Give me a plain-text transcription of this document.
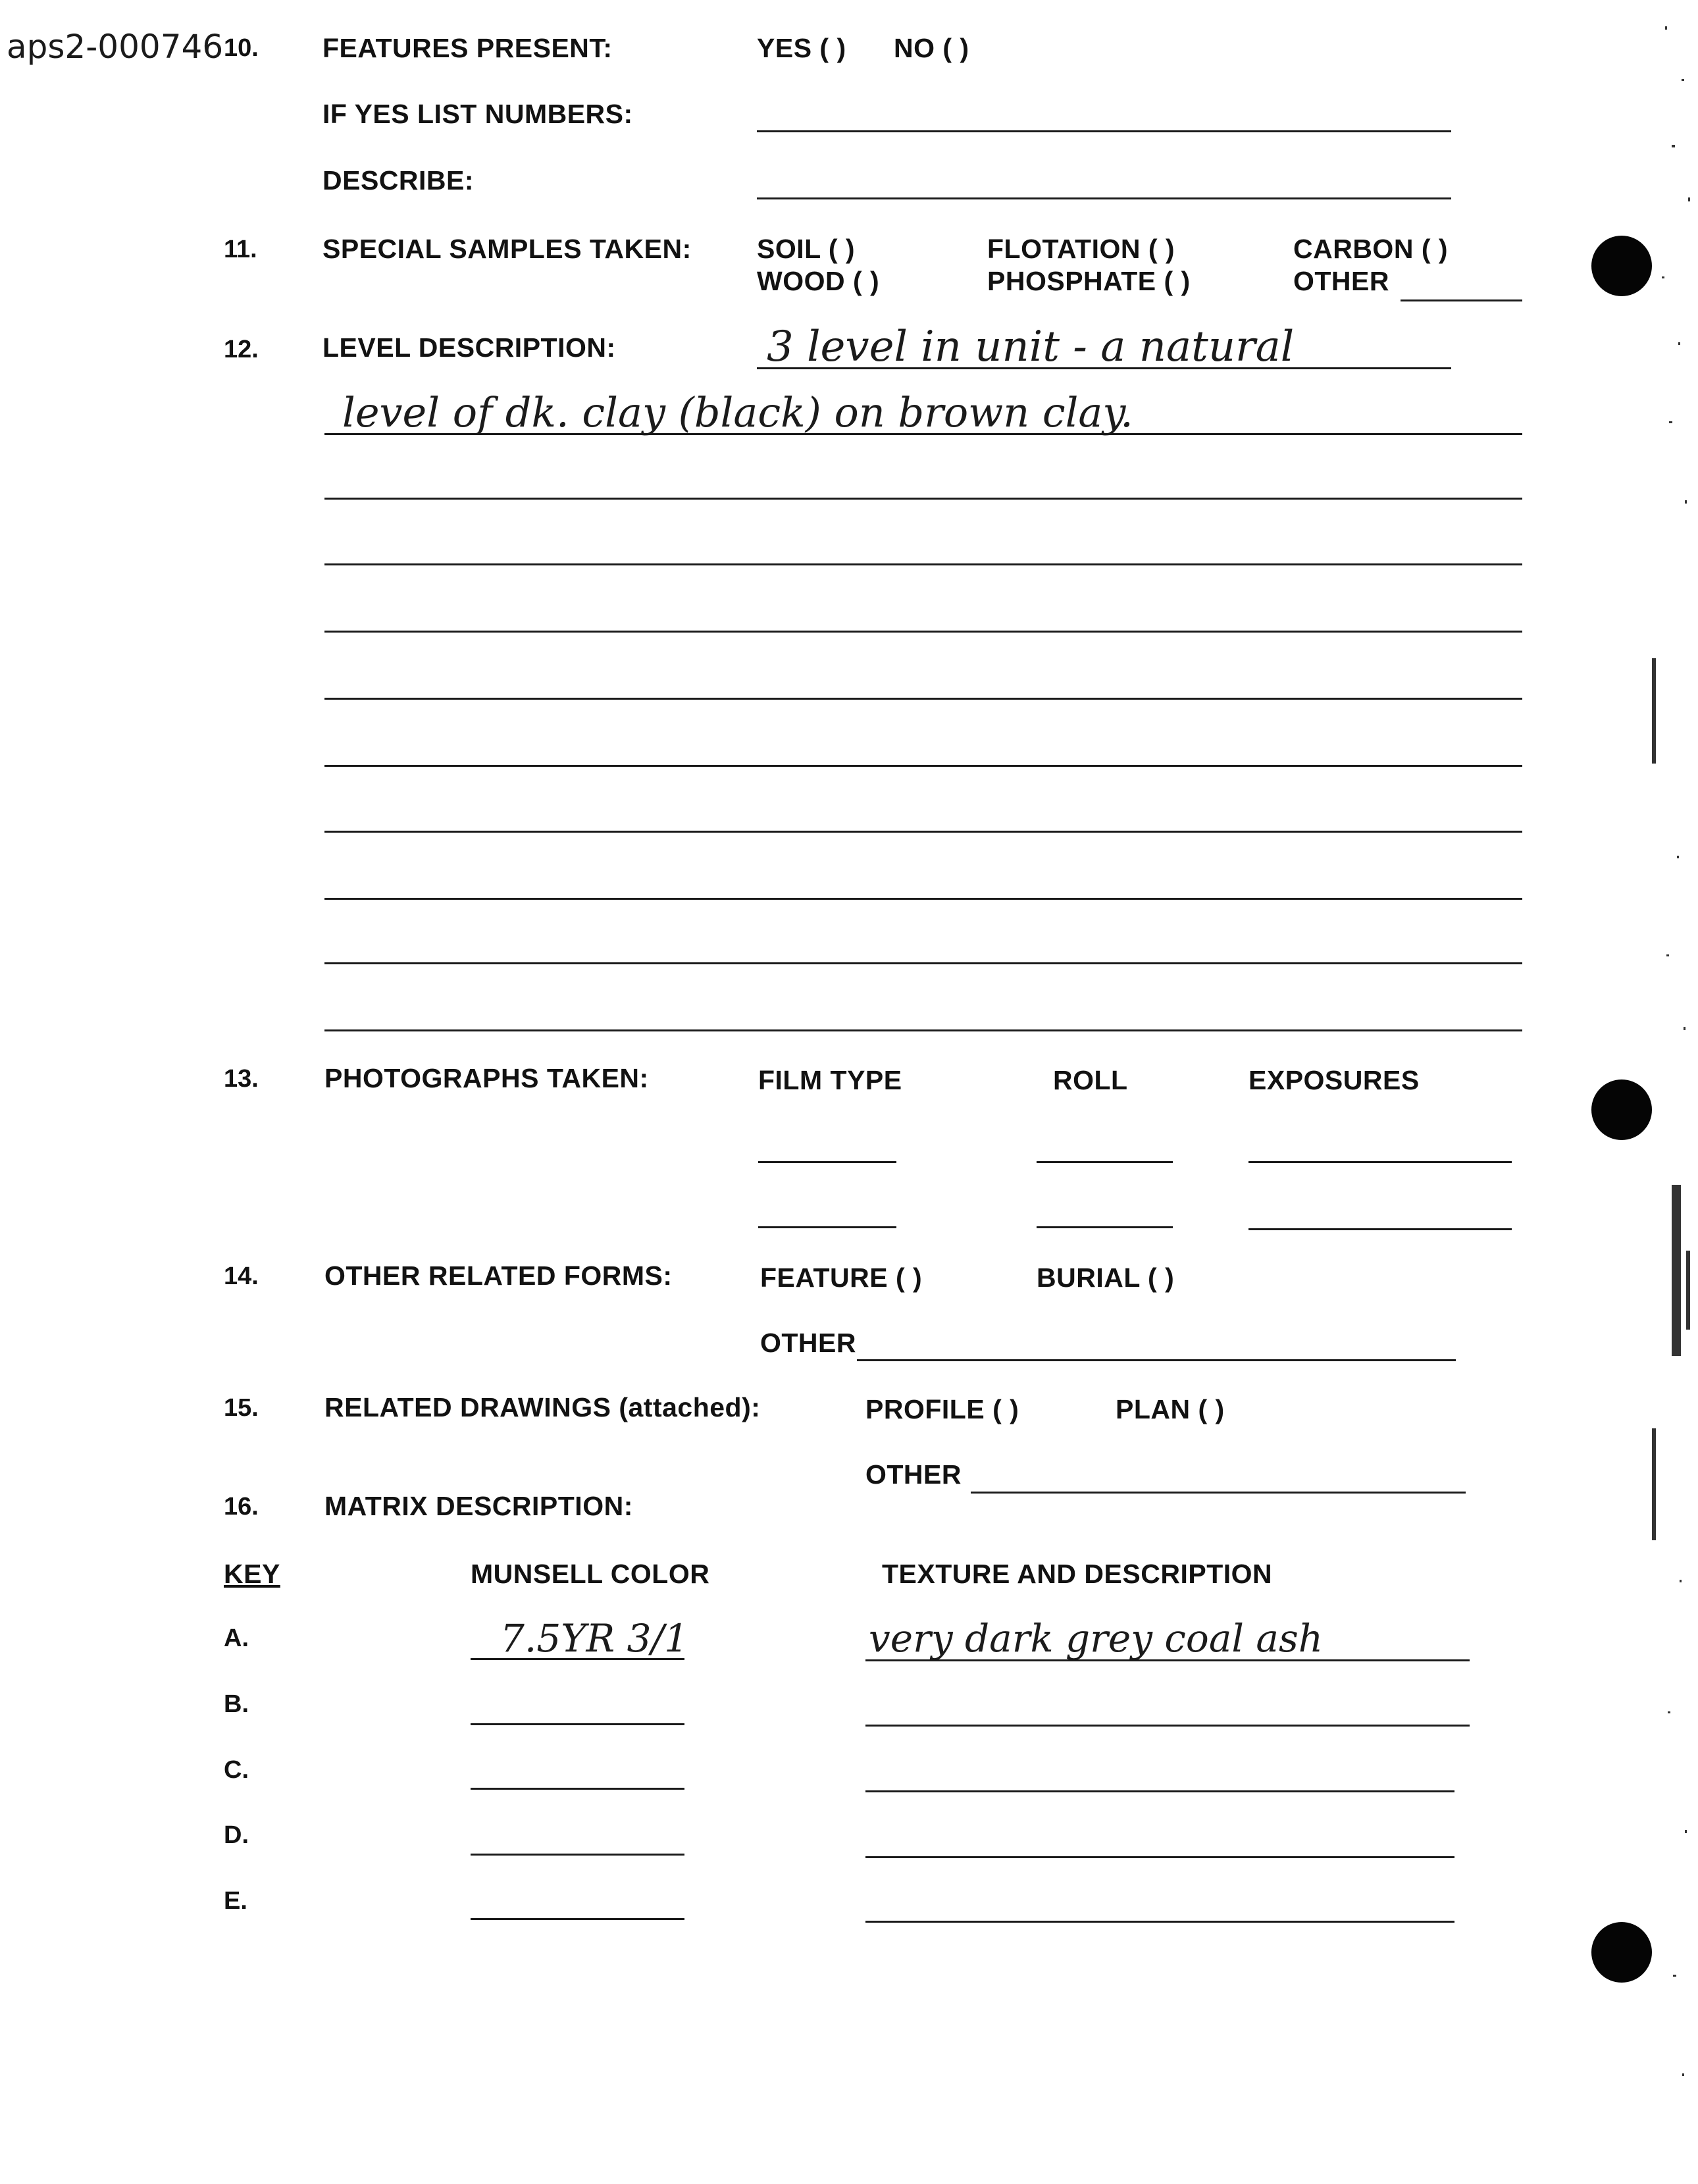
aps2-000746 10. FEATURES PRESENT:	YES ( ) NO ( )
IF YES LIST NUMBERS:
DESCRIBE:
11. SPECIAL SAMPLES TAKEN: SOIL ( )	FLOTATION ( )	CARBON ( )
WOOD ( )	PHOSPHATE ( )	OTHER
12. LEVEL DESCRIPTION:	3 level in unit - a natural
level of dk. clay (black) on brown clay.
13. PHOTOGRAPHS TAKEN:	FILM TYPE	ROLL	EXPOSURES
14. OTHER RELATED FORMS:	FEATURE ( )	BURIAL ( )
OTHER
15. RELATED DRAWINGS (attached):	PROFILE ( )	PLAN ( )
OTHER
16. MATRIX DESCRIPTION:
KEY	MUNSELL COLOR	TEXTURE AND DESCRIPTION
A.	7.5YR 3/1	very dark grey coal ash
B.
C.
D.
E.
